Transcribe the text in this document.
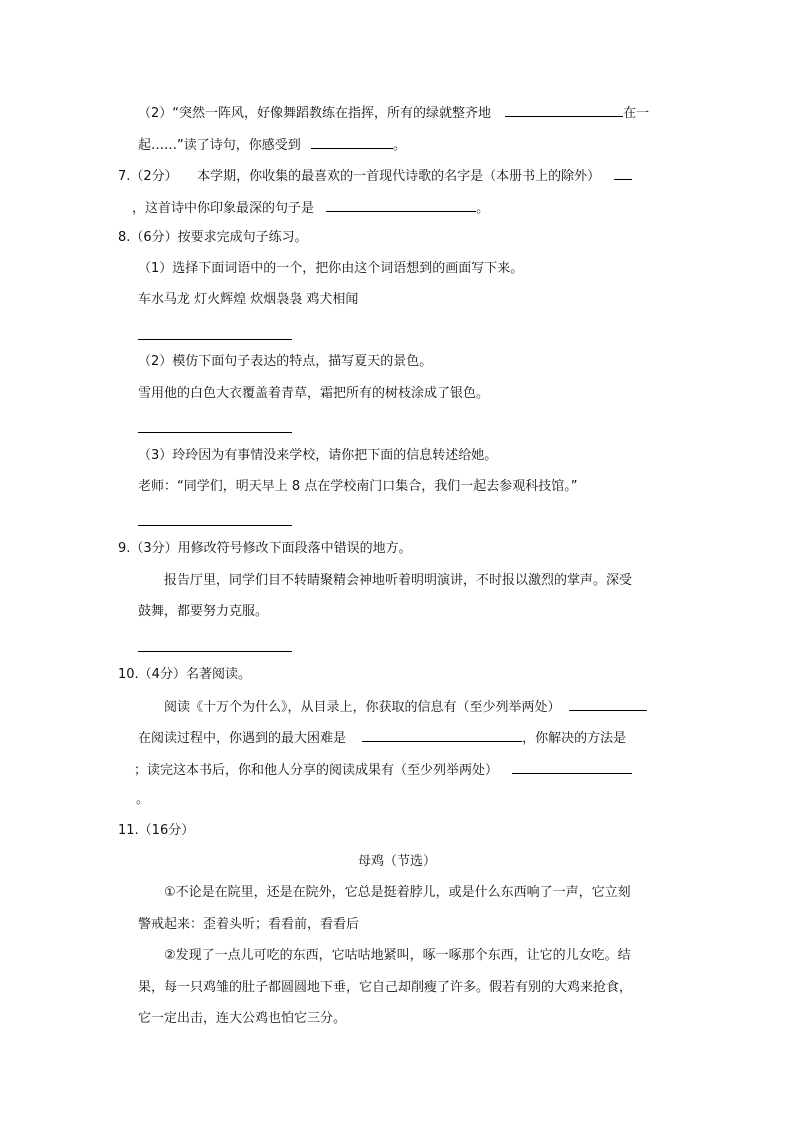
（2）“突然一阵风，好像舞蹈教练在指挥，所有的绿就整齐地	在一
起……”读了诗句，你感受到	。
7.（2分）　　本学期，你收集的最喜欢的一首现代诗歌的名字是（本册书上的除外）
，这首诗中你印象最深的句子是	。
8.（6分）按要求完成句子练习。
（1）选择下面词语中的一个，把你由这个词语想到的画面写下来。
车水马龙 灯火辉煌 炊烟袅袅 鸡犬相闻
（2）模仿下面句子表达的特点，描写夏天的景色。
雪用他的白色大衣覆盖着青草，霜把所有的树枝涂成了银色。
（3）玲玲因为有事情没来学校，请你把下面的信息转述给她。
老师：“同学们，明天早上 8 点在学校南门口集合，我们一起去参观科技馆。”
9.（3分）用修改符号修改下面段落中错误的地方。
报告厅里，同学们目不转睛聚精会神地听着明明演讲，不时报以激烈的掌声。深受
鼓舞，都要努力克服。
10.（4分）名著阅读。
阅读《十万个为什么》，从目录上，你获取的信息有（至少列举两处）
在阅读过程中，你遇到的最大困难是	，你解决的方法是
；读完这本书后，你和他人分享的阅读成果有（至少列举两处）
。
11.（16分）
母鸡（节选）
①不论是在院里，还是在院外，它总是挺着脖儿，或是什么东西响了一声，它立刻
警戒起来：歪着头听；看看前，看看后
②发现了一点儿可吃的东西，它咕咕地紧叫，啄一啄那个东西，让它的儿女吃。结
果，每一只鸡雏的肚子都圆圆地下垂，它自己却削瘦了许多。假若有别的大鸡来抢食，
它一定出击，连大公鸡也怕它三分。
